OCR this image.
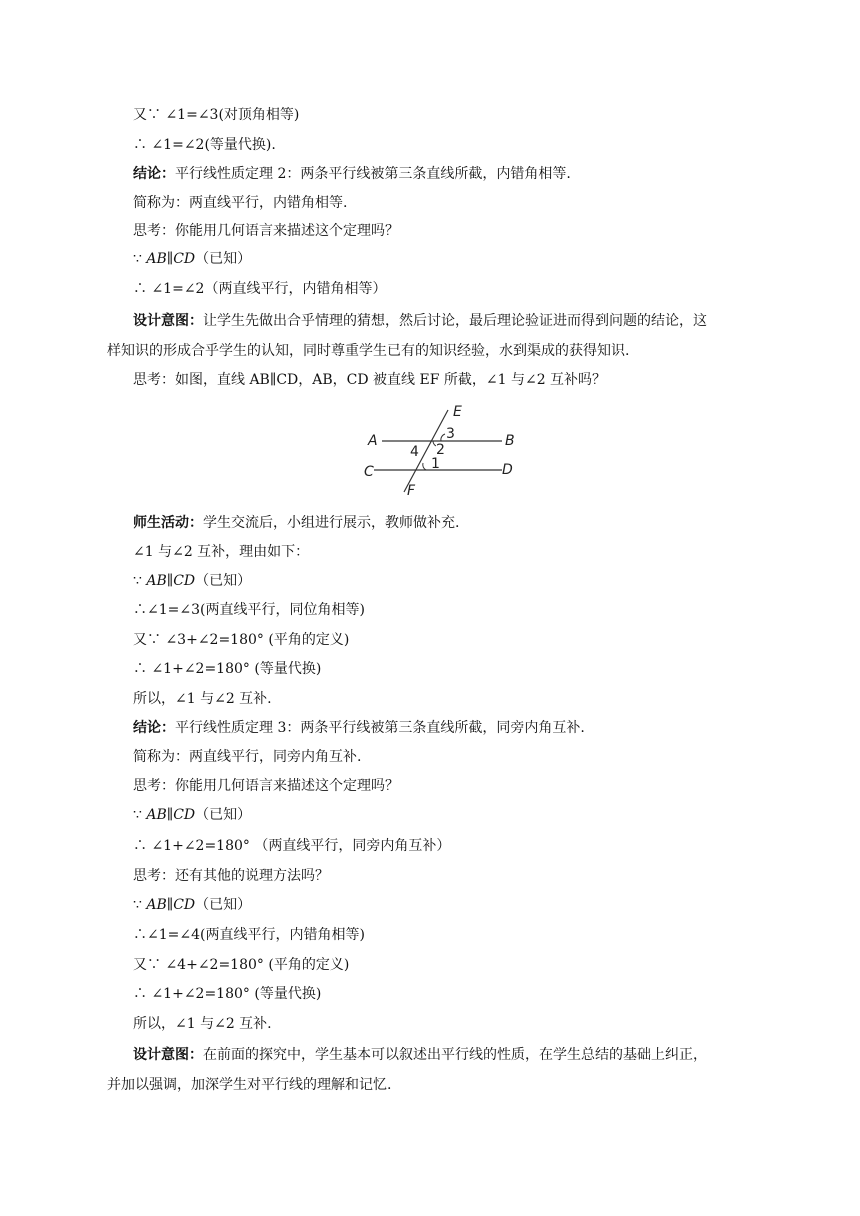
又∵ ∠1=∠3(对顶角相等)
∴ ∠1=∠2(等量代换).
结论：平行线性质定理 2：两条平行线被第三条直线所截，内错角相等.
简称为：两直线平行，内错角相等.
思考：你能用几何语言来描述这个定理吗？
∵ AB∥CD（已知）
∴ ∠1=∠2（两直线平行，内错角相等）
设计意图：让学生先做出合乎情理的猜想，然后讨论，最后理论验证进而得到问题的结论，这
样知识的形成合乎学生的认知，同时尊重学生已有的知识经验，水到渠成的获得知识.
思考：如图，直线 AB∥CD，AB，CD 被直线 EF 所截，∠1 与∠2 互补吗？
A	B
C	D
E
F
1
2
3
4
师生活动：学生交流后，小组进行展示，教师做补充.
∠1 与∠2 互补，理由如下：
∵ AB∥CD（已知）
∴∠1=∠3(两直线平行，同位角相等)
又∵ ∠3+∠2=180° (平角的定义)
∴ ∠1+∠2=180° (等量代换)
所以，∠1 与∠2 互补.
结论：平行线性质定理 3：两条平行线被第三条直线所截，同旁内角互补.
简称为：两直线平行，同旁内角互补.
思考：你能用几何语言来描述这个定理吗？
∵ AB∥CD（已知）
∴ ∠1+∠2=180° （两直线平行，同旁内角互补）
思考：还有其他的说理方法吗？
∵ AB∥CD（已知）
∴∠1=∠4(两直线平行，内错角相等)
又∵ ∠4+∠2=180° (平角的定义)
∴ ∠1+∠2=180° (等量代换)
所以，∠1 与∠2 互补.
设计意图：在前面的探究中，学生基本可以叙述出平行线的性质，在学生总结的基础上纠正，
并加以强调，加深学生对平行线的理解和记忆.
